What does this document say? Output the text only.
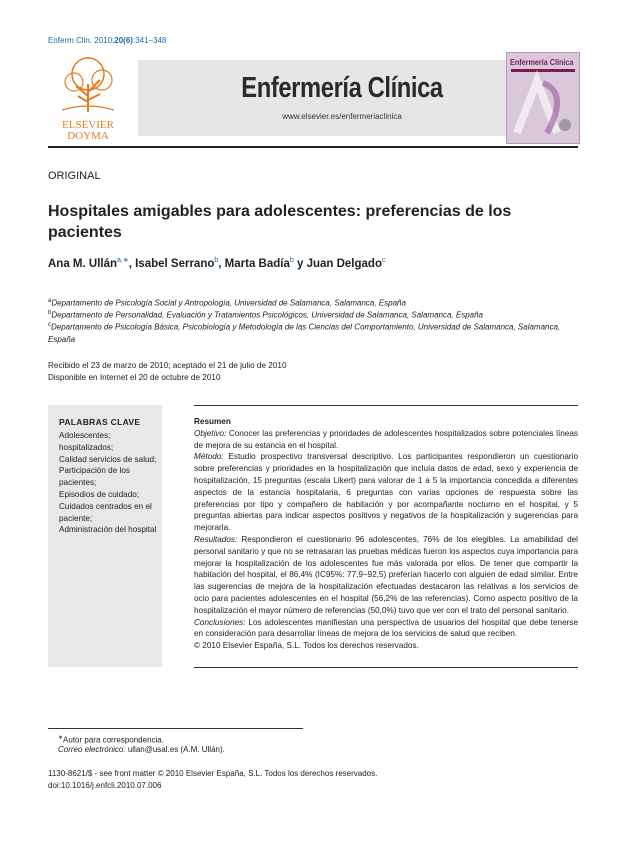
Enferm Clin. 2010;20(6):341–348
ELSEVIER
DOYMA
Enfermería Clínica
www.elsevier.es/enfermeriaclinica
Enfermería Clínica
ORIGINAL
Hospitales amigables para adolescentes: preferencias de los pacientes
Ana M. Ullán$^{a,∗}$, Isabel Serrano$^b$, Marta Badía$^b$ y Juan Delgado$^c$
$^a$Departamento de Psicología Social y Antropología, Universidad de Salamanca, Salamanca, España
$^b$Departamento de Personalidad, Evaluación y Tratamientos Psicológicos, Universidad de Salamanca, Salamanca, España
$^c$Departamento de Psicología Básica, Psicobiología y Metodología de las Ciencias del Comportamiento, Universidad de Salamanca, Salamanca, España
Recibido el 23 de marzo de 2010; aceptado el 21 de julio de 2010
Disponible en Internet el 20 de octubre de 2010
PALABRAS CLAVE
Adolescentes;
hospitalizados;
Calidad servicios de salud;
Participación de los pacientes;
Episodios de cuidado;
Cuidados centrados en el paciente;
Administración del hospital
Resumen
Objetivo: Conocer las preferencias y prioridades de adolescentes hospitalizados sobre potenciales líneas de mejora de su estancia en el hospital.
Método: Estudio prospectivo transversal descriptivo. Los participantes respondieron un cuestionario sobre preferencias y prioridades en la hospitalización que incluía datos de edad, sexo y experiencia de hospitalización, 15 preguntas (escala Likert) para valorar de 1 a 5 la importancia concedida a diferentes aspectos de la estancia hospitalaria, 6 preguntas con varias opciones de respuesta sobre las preferencias por tipo y compañero de habitación y por acompañante nocturno en el hospital, y 5 preguntas abiertas para indicar aspectos positivos y negativos de la hospitalización y sugerencias para mejorarla.
Resultados: Respondieron el cuestionario 96 adolescentes, 76% de los elegibles. La amabilidad del personal sanitario y que no se retrasaran las pruebas médicas fueron los aspectos cuya importancia para mejorar la hospitalización de los adolescentes fue más valorada por ellos. De tener que compartir la habitación del hospital, el 86,4% (IC95%: 77,9–92,5) preferían hacerlo con alguien de edad similar. Entre las sugerencias de mejora de la hospitalización efectuadas destacaron las relativas a los servicios de ocio para pacientes adolescentes en el hospital (56,2% de las referencias). Como aspecto positivo de la hospitalización el mayor número de referencias (50,0%) tuvo que ver con el trato del personal sanitario.
Conclusiones: Los adolescentes manifiestan una perspectiva de usuarios del hospital que debe tenerse en consideración para desarrollar líneas de mejora de los servicios de salud que reciben.
© 2010 Elsevier España, S.L. Todos los derechos reservados.
∗Autor para correspondencia.
Correo electrónico: ullan@usal.es (A.M. Ullán).
1130-8621/$ - see front matter © 2010 Elsevier España, S.L. Todos los derechos reservados.
doi:10.1016/j.enfcli.2010.07.006
